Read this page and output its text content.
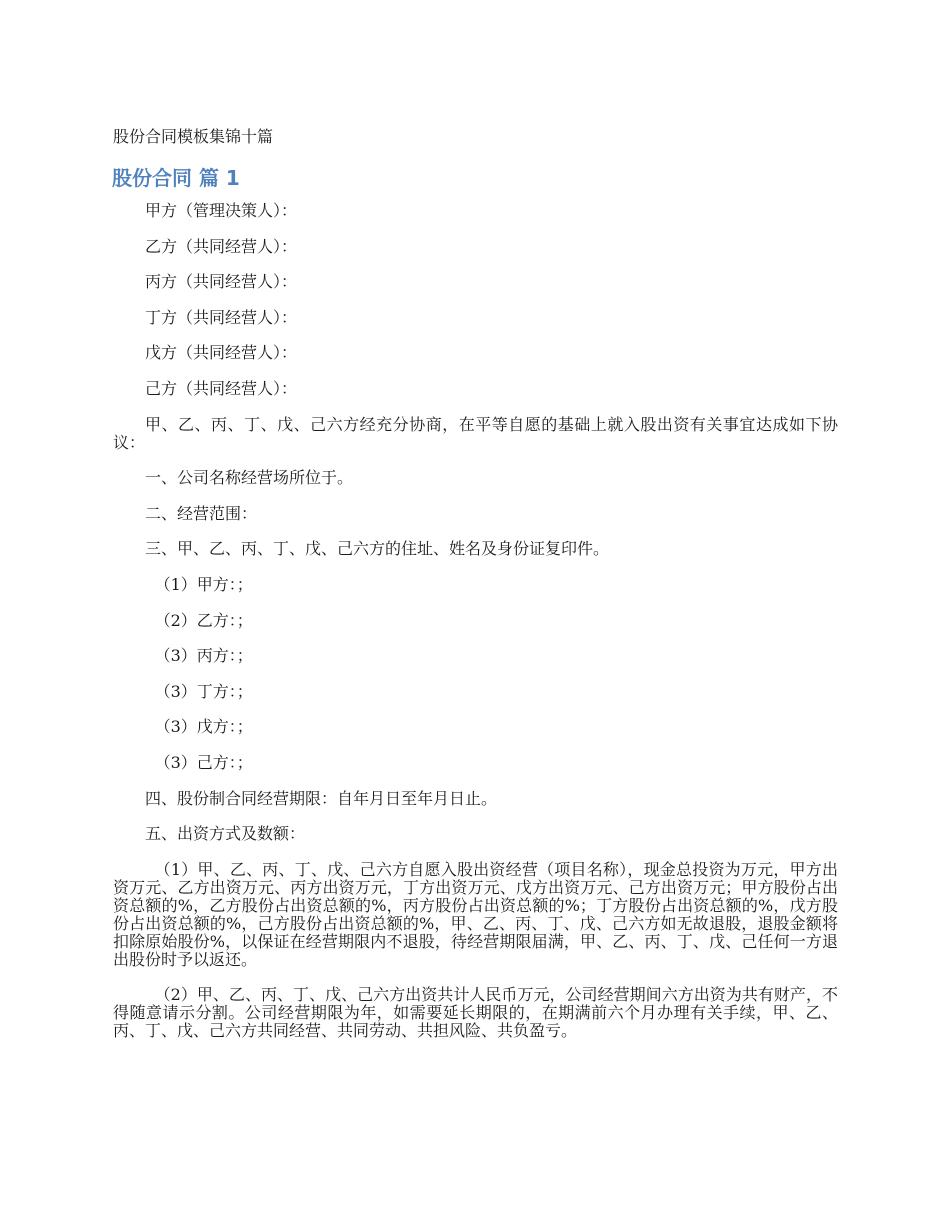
股份合同模板集锦十篇
股份合同 篇 1

甲方（管理决策人）：

乙方（共同经营人）：

丙方（共同经营人）：

丁方（共同经营人）：

戊方（共同经营人）：

己方（共同经营人）：

甲、乙、丙、丁、戊、己六方经充分协商，在平等自愿的基础上就入股出资有关事宜达成如下协议：

一、公司名称经营场所位于。

二、经营范围：

三、甲、乙、丙、丁、戊、己六方的住址、姓名及身份证复印件。

（1）甲方：；

（2）乙方：；

（3）丙方：；

（3）丁方：；

（3）戊方：；

（3）己方：；

四、股份制合同经营期限：自年月日至年月日止。

五、出资方式及数额：

（1）甲、乙、丙、丁、戊、己六方自愿入股出资经营（项目名称），现金总投资为万元，甲方出资万元、乙方出资万元、丙方出资万元，丁方出资万元、戊方出资万元、己方出资万元；甲方股份占出资总额的%，乙方股份占出资总额的%，丙方股份占出资总额的%；丁方股份占出资总额的%，戊方股份占出资总额的%，己方股份占出资总额的%，甲、乙、丙、丁、戊、己六方如无故退股，退股金额将扣除原始股份%，以保证在经营期限内不退股，待经营期限届满，甲、乙、丙、丁、戊、己任何一方退出股份时予以返还。

（2）甲、乙、丙、丁、戊、己六方出资共计人民币万元，公司经营期间六方出资为共有财产，不得随意请示分割。公司经营期限为年，如需要延长期限的，在期满前六个月办理有关手续，甲、乙、丙、丁、戊、己六方共同经营、共同劳动、共担风险、共负盈亏。
